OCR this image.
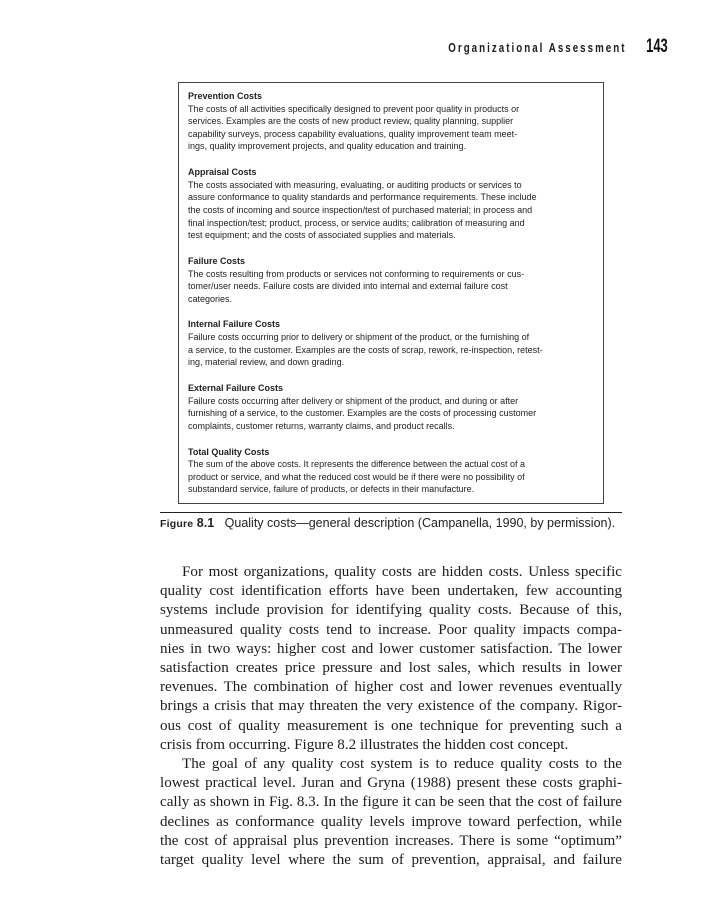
Organizational Assessment 143
Prevention Costs
The costs of all activities specifically designed to prevent poor quality in products or
services. Examples are the costs of new product review, quality planning, supplier
capability surveys, process capability evaluations, quality improvement team meet-
ings, quality improvement projects, and quality education and training.
Appraisal Costs
The costs associated with measuring, evaluating, or auditing products or services to
assure conformance to quality standards and performance requirements. These include
the costs of incoming and source inspection/test of purchased material; in process and
final inspection/test; product, process, or service audits; calibration of measuring and
test equipment; and the costs of associated supplies and materials.
Failure Costs
The costs resulting from products or services not conforming to requirements or cus-
tomer/user needs. Failure costs are divided into internal and external failure cost
categories.
Internal Failure Costs
Failure costs occurring prior to delivery or shipment of the product, or the furnishing of
a service, to the customer. Examples are the costs of scrap, rework, re-inspection, retest-
ing, material review, and down grading.
External Failure Costs
Failure costs occurring after delivery or shipment of the product, and during or after
furnishing of a service, to the customer. Examples are the costs of processing customer
complaints, customer returns, warranty claims, and product recalls.
Total Quality Costs
The sum of the above costs. It represents the difference between the actual cost of a
product or service, and what the reduced cost would be if there were no possibility of
substandard service, failure of products, or defects in their manufacture.
Figure 8.1 Quality costs—general description (Campanella, 1990, by permission).
For most organizations, quality costs are hidden costs. Unless specific
quality cost identification efforts have been undertaken, few accounting
systems include provision for identifying quality costs. Because of this,
unmeasured quality costs tend to increase. Poor quality impacts compa-
nies in two ways: higher cost and lower customer satisfaction. The lower
satisfaction creates price pressure and lost sales, which results in lower
revenues. The combination of higher cost and lower revenues eventually
brings a crisis that may threaten the very existence of the company. Rigor-
ous cost of quality measurement is one technique for preventing such a
crisis from occurring. Figure 8.2 illustrates the hidden cost concept.
The goal of any quality cost system is to reduce quality costs to the
lowest practical level. Juran and Gryna (1988) present these costs graphi-
cally as shown in Fig. 8.3. In the figure it can be seen that the cost of failure
declines as conformance quality levels improve toward perfection, while
the cost of appraisal plus prevention increases. There is some “optimum”
target quality level where the sum of prevention, appraisal, and failure
